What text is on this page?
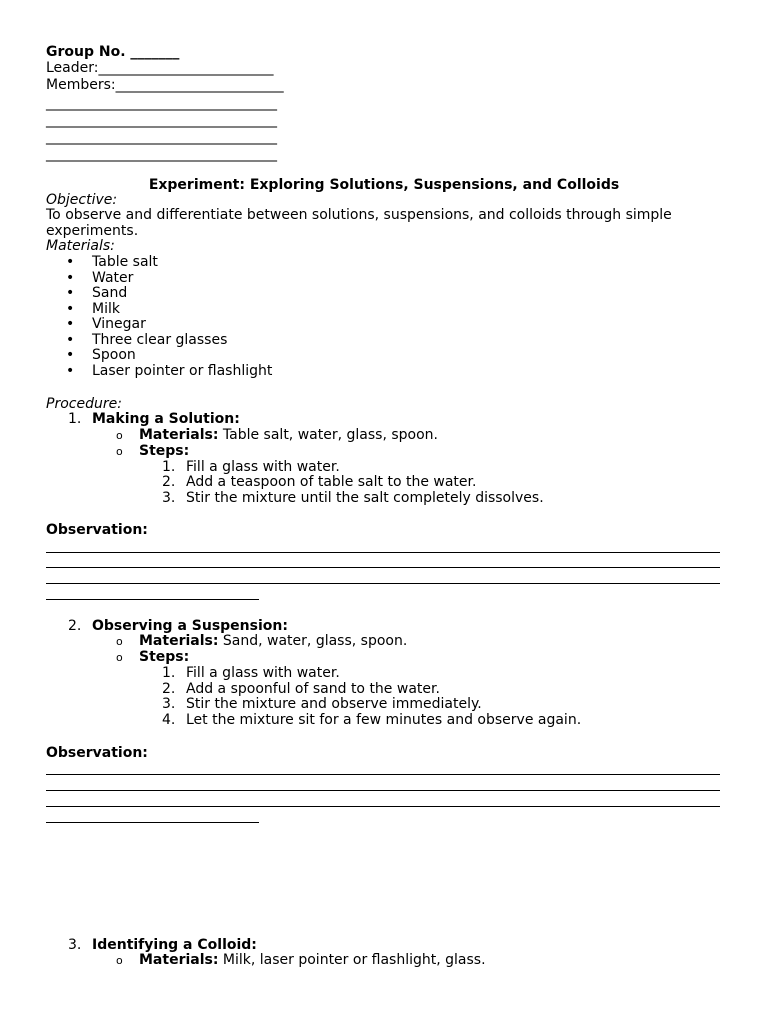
Group No. _______
Leader:_________________________
Members:________________________
_________________________________
_________________________________
_________________________________
_________________________________
Experiment: Exploring Solutions, Suspensions, and Colloids
Objective:
To observe and differentiate between solutions, suspensions, and colloids through simple
experiments.
Materials:
• Table salt
• Water
• Sand
• Milk
• Vinegar
• Three clear glasses
• Spoon
• Laser pointer or flashlight
Procedure:
1. Making a Solution:
o Materials: Table salt, water, glass, spoon.
o Steps:
1. Fill a glass with water.
2. Add a teaspoon of table salt to the water.
3. Stir the mixture until the salt completely dissolves.
Observation:
2. Observing a Suspension:
o Materials: Sand, water, glass, spoon.
o Steps:
1. Fill a glass with water.
2. Add a spoonful of sand to the water.
3. Stir the mixture and observe immediately.
4. Let the mixture sit for a few minutes and observe again.
Observation:
3. Identifying a Colloid:
o Materials: Milk, laser pointer or flashlight, glass.
